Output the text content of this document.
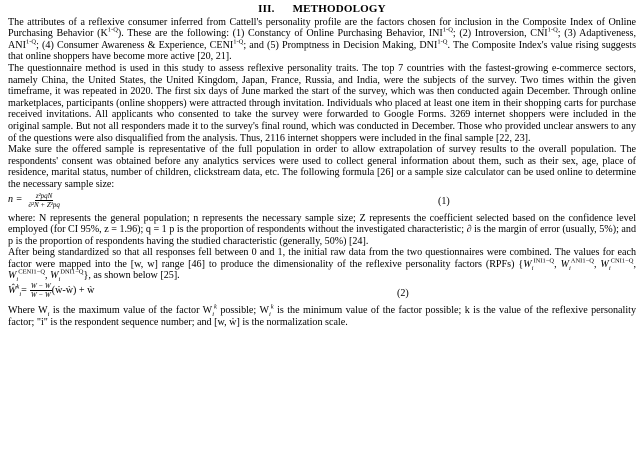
III. METHODOLOGY

The attributes of a reflexive consumer inferred from Cattell's personality profile are the factors chosen for inclusion in the Composite Index of Online Purchasing Behavior $(K^{1-Q})$. These are the following: (1) Constancy of Online Purchasing Behavior, $INI^{1-Q}$; (2) Introversion, $CNI^{1-Q}$; (3) Adaptiveness, $ANI^{1-Q}$; (4) Consumer Awareness & Experience, $CENI^{1-Q}$; and (5) Promptness in Decision Making, $DNI^{1-Q}$. The Composite Index's value rising suggests that online shoppers have become more active [20, 21].

The questionnaire method is used in this study to assess reflexive personality traits. The top 7 countries with the fastest-growing e-commerce sectors, namely China, the United States, the United Kingdom, Japan, France, Russia, and India, were the subjects of the survey. Two times within the given timeframe, it was repeated in 2020. The first six days of June marked the start of the survey, which was then conducted again December. Through online marketplaces, participants (online shoppers) were attracted through invitation. Individuals who placed at least one item in their shopping carts for purchase received invitations. All applicants who consented to take the survey were forwarded to Google Forms. 3269 internet shoppers were included in the original sample. But not all responders made it to the survey's final round, which was conducted in December. Those who provided unclear answers to any of the questions were also disqualified from the analysis. Thus, 2116 internet shoppers were included in the final sample [22, 23].

Make sure the offered sample is representative of the full population in order to allow extrapolation of survey results to the overall population. The respondents' consent was obtained before any analytics services were used to collect general information about them, such as their sex, age, place of residence, marital status, number of children, clickstream data, etc. The following formula [26] or a sample size calculator can be used online to determine the necessary sample size:

$n = \frac{\text{z²pqN}}{\text{∂²N + Z²pq}}$	(1)

where: N represents the general population; n represents the necessary sample size; Z represents the coefficient selected based on the confidence level employed (for CI 95%, z = 1.96); q = 1 p is the proportion of respondents without the investigated characteristic; ∂ is the margin of error (usually, 5%); and p is the proportion of respondents having the studied characteristic (generally, 50%) [24].

After being standardized so that all responses fell between 0 and 1, the initial raw data from the two questionnaires were combined. The values for each factor were mapped into the [w, w] range [46] to produce the dimensionality of the reflexive personality factors (RPFs) {$W_i^{INI1-Q}$, $W_i^{ANI1-Q}$, $W_i^{CNI1-Q}$, $W_i^{CENI1-Q}$, $W_i^{DNI1-Q}$}, as shown below [25].

$Ŵ^k_i = \frac{W - W}{W - W}$ (ẇ-ẁ) + ẁ	(2)

Where $W_i$ is the maximum value of the factor $W_i^k$ possible; $W_i^k$ is the minimum value of the factor possible; k is the value of the reflexive personality factor; "i" is the respondent sequence number; and [w, ẇ] is the normalization scale.
